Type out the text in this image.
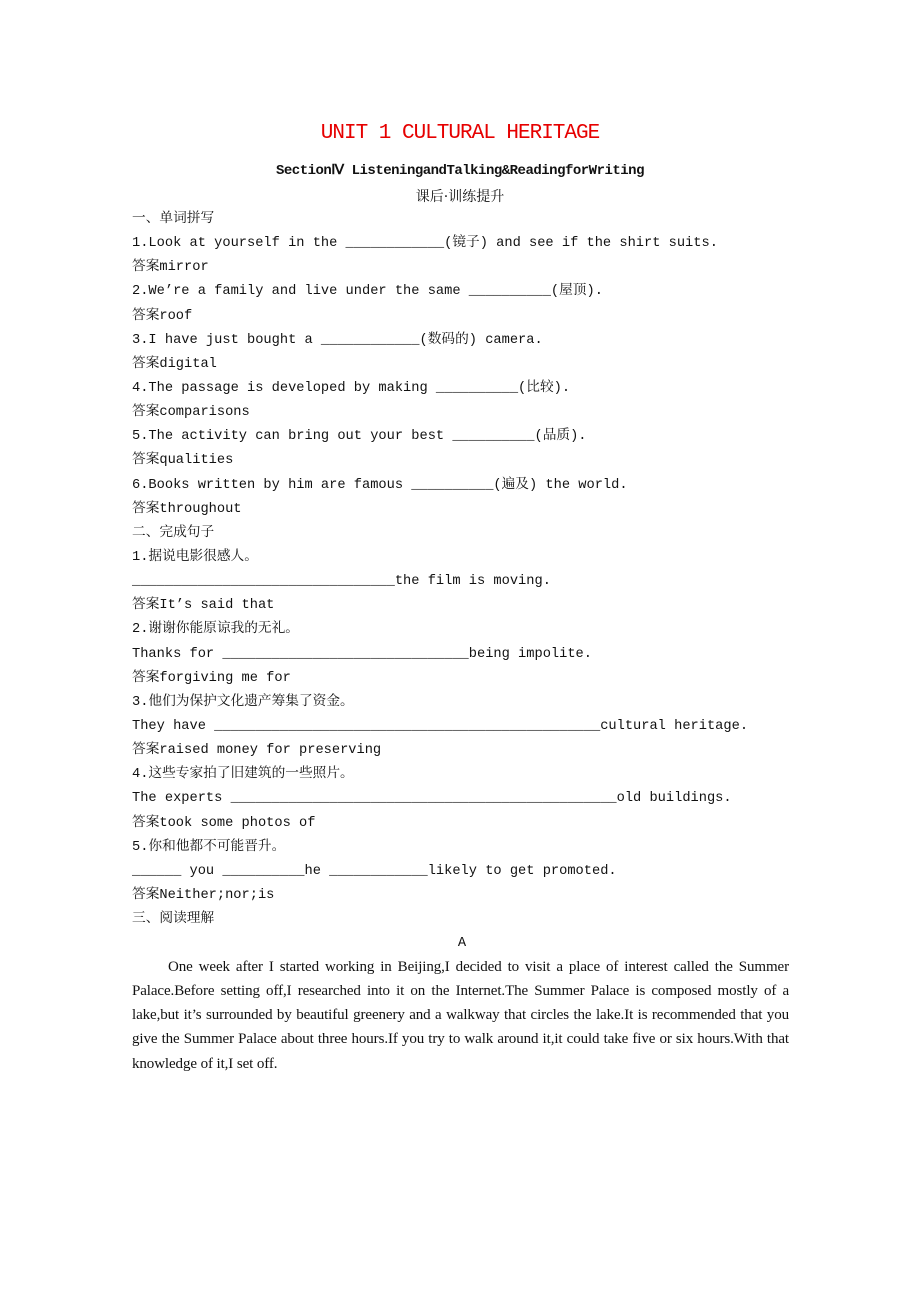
UNIT 1 CULTURAL HERITAGE
SectionⅣ ListeningandTalking&ReadingforWriting
课后·训练提升
一、单词拼写
1.Look at yourself in the ____________(镜子) and see if the shirt suits.
答案mirror
2.We’re a family and live under the same __________(屋顶).
答案roof
3.I have just bought a ____________(数码的) camera.
答案digital
4.The passage is developed by making __________(比较).
答案comparisons
5.The activity can bring out your best __________(品质).
答案qualities
6.Books written by him are famous __________(遍及) the world.
答案throughout
二、完成句子
1.据说电影很感人。
________________________________the film is moving.
答案It’s said that
2.谢谢你能原谅我的无礼。
Thanks for ______________________________being impolite.
答案forgiving me for
3.他们为保护文化遗产筹集了资金。
They have _______________________________________________cultural heritage.
答案raised money for preserving
4.这些专家拍了旧建筑的一些照片。
The experts _______________________________________________old buildings.
答案took some photos of
5.你和他都不可能晋升。
______ you __________he ____________likely to get promoted.
答案Neither;nor;is
三、阅读理解
A
One week after I started working in Beijing,I decided to visit a place of interest called the Summer Palace.Before setting off,I researched into it on the Internet.The Summer Palace is composed mostly of a lake,but it’s surrounded by beautiful greenery and a walkway that circles the lake.It is recommended that you give the Summer Palace about three hours.If you try to walk around it,it could take five or six hours.With that knowledge of it,I set off.
